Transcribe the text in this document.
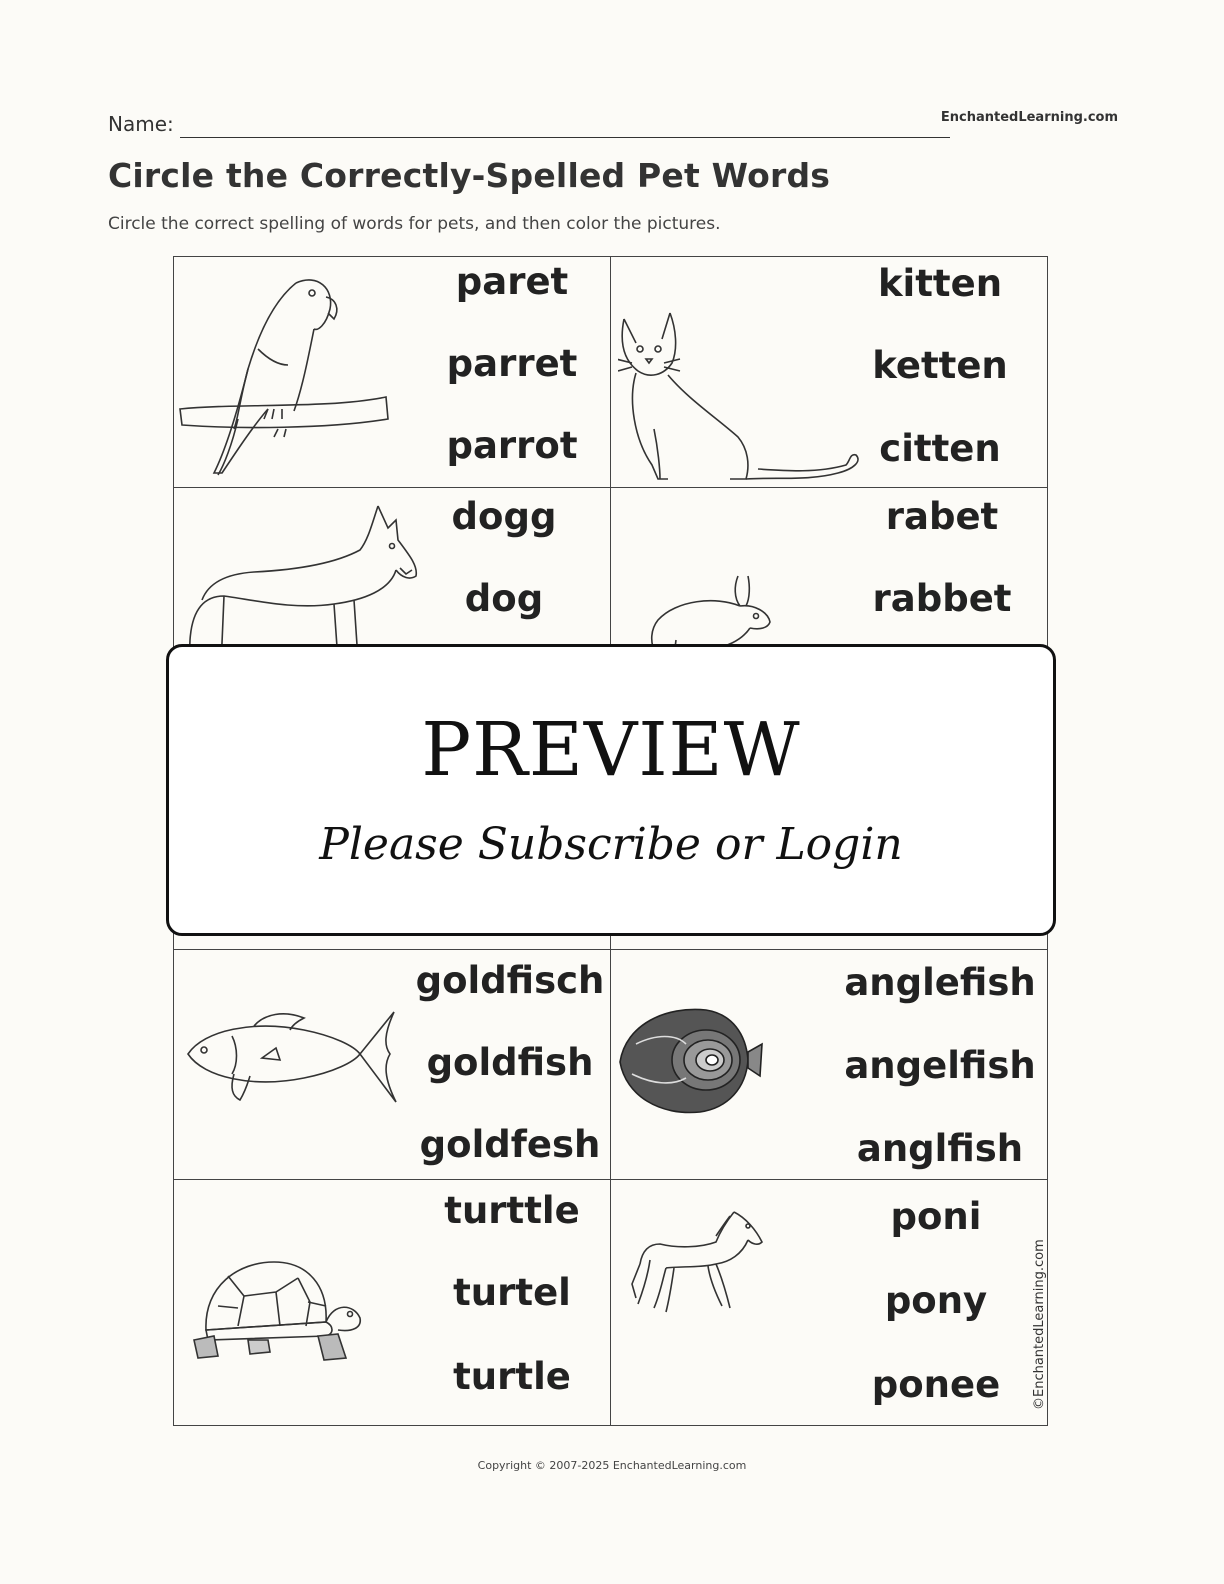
Name:	EnchantedLearning.com
Circle the Correctly-Spelled Pet Words
Circle the correct spelling of words for pets, and then color the pictures.
paret
parret
parrot
kitten
ketten
citten
dogg
dog
rabet
rabbet
goldfisch
goldfish
goldfesh
anglefish
angelfish
anglfish
turttle
turtel
turtle
poni
pony
ponee ©EnchantedLearning.com
PREVIEW
Please Subscribe or Login
Copyright © 2007-2025 EnchantedLearning.com
